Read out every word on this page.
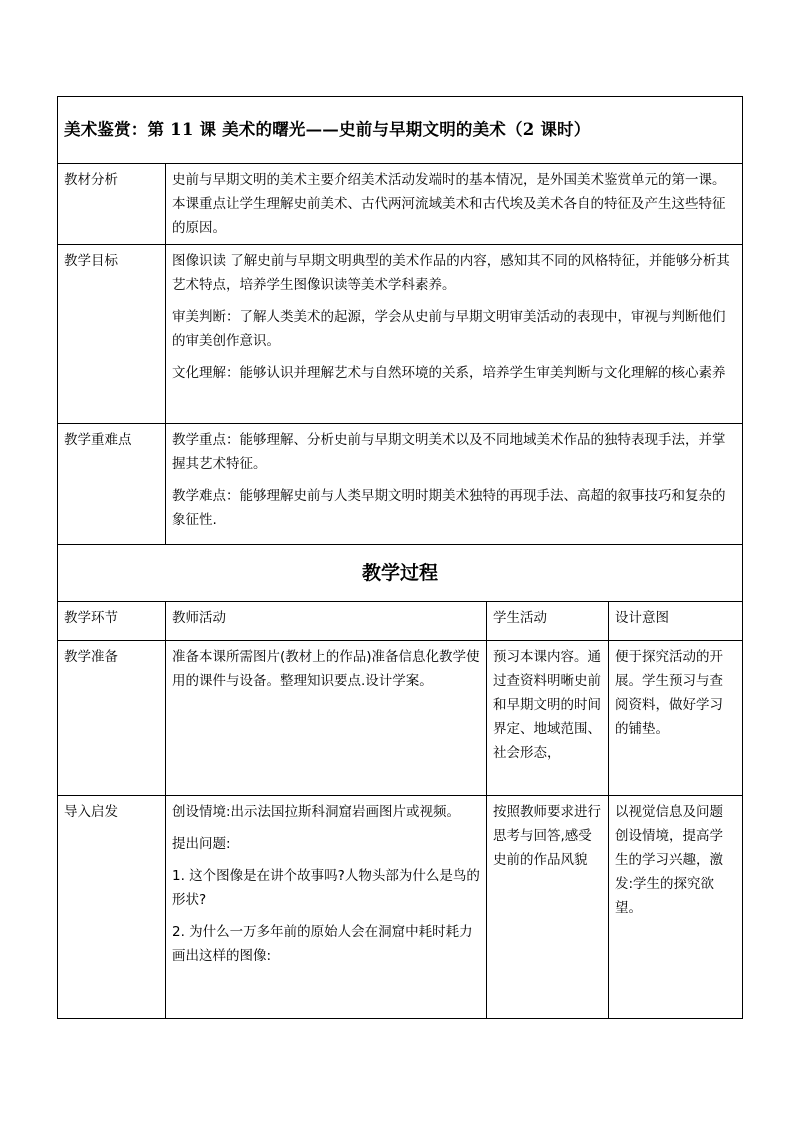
美术鉴赏：第 11 课 美术的曙光——史前与早期文明的美术（2 课时）			
教材分析	史前与早期文明的美术主要介绍美术活动发端时的基本情况，是外国美术鉴赏单元的第一课。本课重点让学生理解史前美术、古代两河流域美术和古代埃及美术各自的特征及产生这些特征的原因。		
教学目标	图像识读 了解史前与早期文明典型的美术作品的内容，感知其不同的风格特征，并能够分析其艺术特点，培养学生图像识读等美术学科素养。

审美判断：了解人类美术的起源，学会从史前与早期文明审美活动的表现中，审视与判断他们的审美创作意识。

文化理解：能够认识并理解艺术与自然环境的关系，培养学生审美判断与文化理解的核心素养		

教学重难点	教学重点：能够理解、分析史前与早期文明美术以及不同地域美术作品的独特表现手法，并掌握其艺术特征。

教学难点：能够理解史前与人类早期文明时期美术独特的再现手法、高超的叙事技巧和复杂的象征性.		

教学过程			
教学环节	教师活动	学生活动	设计意图
教学准备	准备本课所需图片(教材上的作品)准备信息化教学使用的课件与设备。整理知识要点.设计学案。	预习本课内容。通过查资料明晰史前和早期文明的时间界定、地域范围、社会形态，	便于探究活动的开展。学生预习与查阅资料，做好学习的铺垫。
导入启发	创设情境:出示法国拉斯科洞窟岩画图片或视频。

提出问题:

1. 这个图像是在讲个故事吗?人物头部为什么是鸟的形状?

2. 为什么一万多年前的原始人会在洞窟中耗时耗力画出这样的图像:	按照教师要求进行思考与回答,感受史前的作品风貌	以视觉信息及问题创设情境，提高学生的学习兴趣，激发:学生的探究欲望。
